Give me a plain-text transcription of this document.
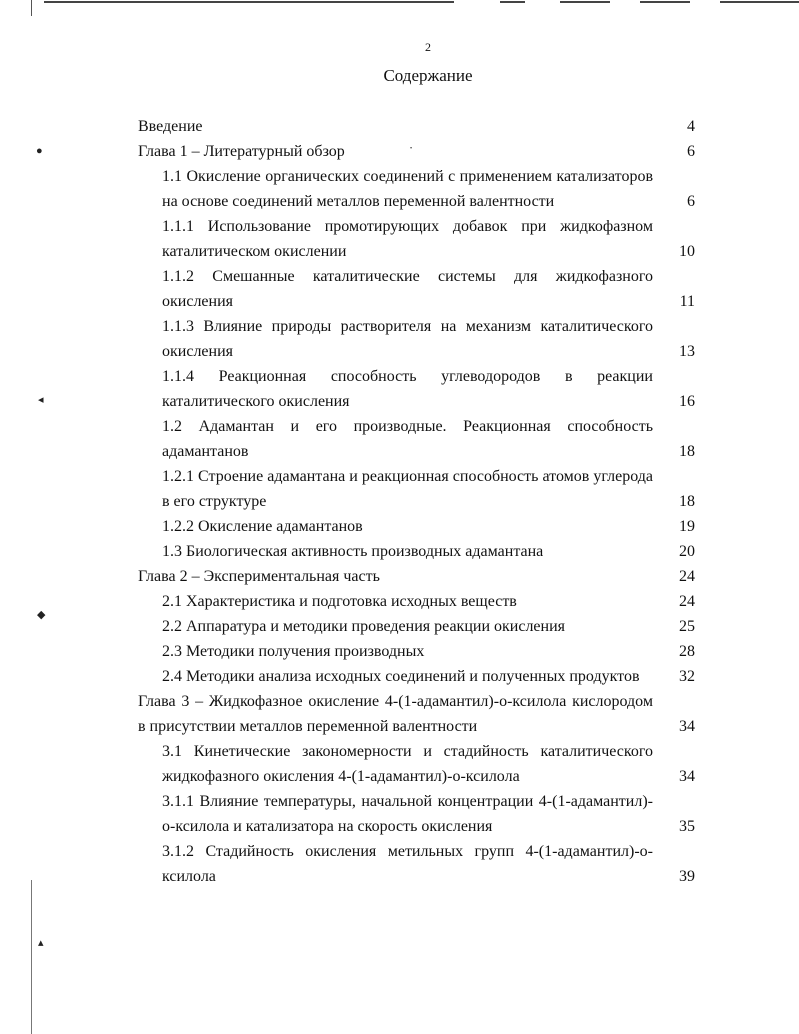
●
◂
◆
▴
•
2
Содержание
Введение	4
Глава 1 – Литературный обзор	6
1.1 Окисление органических соединений с применением катализаторов на основе соединений металлов переменной валентности	6
1.1.1 Использование промотирующих добавок при жидкофазном каталитическом окислении	10
1.1.2 Смешанные каталитические системы для жидкофазного окисления	11
1.1.3 Влияние природы растворителя на механизм каталитического окисления	13
1.1.4 Реакционная способность углеводородов в реакции каталитического окисления	16
1.2 Адамантан и его производные. Реакционная способность адамантанов	18
1.2.1 Строение адамантана и реакционная способность атомов углерода в его структуре	18
1.2.2 Окисление адамантанов	19
1.3 Биологическая активность производных адамантана	20
Глава 2 – Экспериментальная часть	24
2.1 Характеристика и подготовка исходных веществ	24
2.2 Аппаратура и методики проведения реакции окисления	25
2.3 Методики получения производных	28
2.4 Методики анализа исходных соединений и полученных продуктов	32
Глава 3 – Жидкофазное окисление 4-(1-адамантил)-о-ксилола кислородом в присутствии металлов переменной валентности	34
3.1 Кинетические закономерности и стадийность каталитического жидкофазного окисления 4-(1-адамантил)-о-ксилола	34
3.1.1 Влияние температуры, начальной концентрации 4-(1-адамантил)-о-ксилола и катализатора на скорость окисления	35
3.1.2 Стадийность окисления метильных групп 4-(1-адамантил)-о-ксилола	39
